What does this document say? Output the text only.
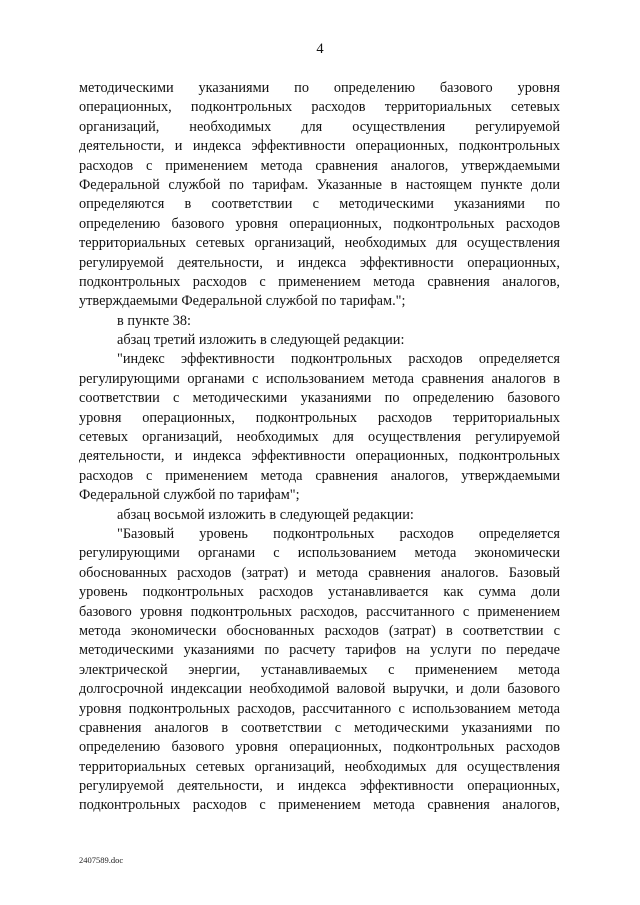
4
методическими указаниями по определению базового уровня
операционных, подконтрольных расходов территориальных сетевых
организаций, необходимых для осуществления регулируемой
деятельности, и индекса эффективности операционных, подконтрольных
расходов с применением метода сравнения аналогов, утверждаемыми
Федеральной службой по тарифам. Указанные в настоящем пункте доли
определяются в соответствии с методическими указаниями по
определению базового уровня операционных, подконтрольных расходов
территориальных сетевых организаций, необходимых для осуществления
регулируемой деятельности, и индекса эффективности операционных,
подконтрольных расходов с применением метода сравнения аналогов,
утверждаемыми Федеральной службой по тарифам.";
в пункте 38:
абзац третий изложить в следующей редакции:
"индекс эффективности подконтрольных расходов определяется
регулирующими органами с использованием метода сравнения аналогов в
соответствии с методическими указаниями по определению базового
уровня операционных, подконтрольных расходов территориальных
сетевых организаций, необходимых для осуществления регулируемой
деятельности, и индекса эффективности операционных, подконтрольных
расходов с применением метода сравнения аналогов, утверждаемыми
Федеральной службой по тарифам";
абзац восьмой изложить в следующей редакции:
"Базовый уровень подконтрольных расходов определяется
регулирующими органами с использованием метода экономически
обоснованных расходов (затрат) и метода сравнения аналогов. Базовый
уровень подконтрольных расходов устанавливается как сумма доли
базового уровня подконтрольных расходов, рассчитанного с применением
метода экономически обоснованных расходов (затрат) в соответствии с
методическими указаниями по расчету тарифов на услуги по передаче
электрической энергии, устанавливаемых с применением метода
долгосрочной индексации необходимой валовой выручки, и доли базового
уровня подконтрольных расходов, рассчитанного с использованием метода
сравнения аналогов в соответствии с методическими указаниями по
определению базового уровня операционных, подконтрольных расходов
территориальных сетевых организаций, необходимых для осуществления
регулируемой деятельности, и индекса эффективности операционных,
подконтрольных расходов с применением метода сравнения аналогов,
2407589.doc
